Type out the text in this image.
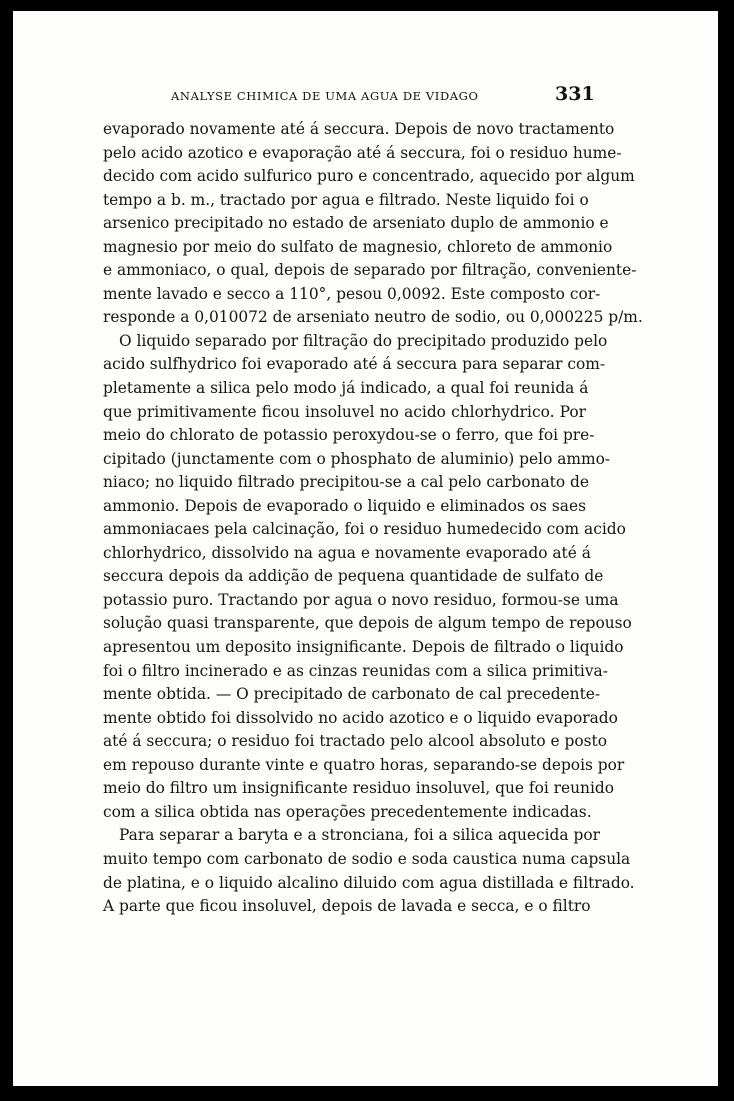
ANALYSE CHIMICA DE UMA AGUA DE VIDAGO	331
evaporado novamente até á seccura. Depois de novo tractamento
pelo acido azotico e evaporação até á seccura, foi o residuo hume-
decido com acido sulfurico puro e concentrado, aquecido por algum
tempo a b. m., tractado por agua e filtrado. Neste liquido foi o
arsenico precipitado no estado de arseniato duplo de ammonio e
magnesio por meio do sulfato de magnesio, chloreto de ammonio
e ammoniaco, o qual, depois de separado por filtração, conveniente-
mente lavado e secco a 110°, pesou 0,0092. Este composto cor-
responde a 0,010072 de arseniato neutro de sodio, ou 0,000225 p/m.
O liquido separado por filtração do precipitado produzido pelo
acido sulfhydrico foi evaporado até á seccura para separar com-
pletamente a silica pelo modo já indicado, a qual foi reunida á
que primitivamente ficou insoluvel no acido chlorhydrico. Por
meio do chlorato de potassio peroxydou-se o ferro, que foi pre-
cipitado (junctamente com o phosphato de aluminio) pelo ammo-
niaco; no liquido filtrado precipitou-se a cal pelo carbonato de
ammonio. Depois de evaporado o liquido e eliminados os saes
ammoniacaes pela calcinação, foi o residuo humedecido com acido
chlorhydrico, dissolvido na agua e novamente evaporado até á
seccura depois da addição de pequena quantidade de sulfato de
potassio puro. Tractando por agua o novo residuo, formou-se uma
solução quasi transparente, que depois de algum tempo de repouso
apresentou um deposito insignificante. Depois de filtrado o liquido
foi o filtro incinerado e as cinzas reunidas com a silica primitiva-
mente obtida. — O precipitado de carbonato de cal precedente-
mente obtido foi dissolvido no acido azotico e o liquido evaporado
até á seccura; o residuo foi tractado pelo alcool absoluto e posto
em repouso durante vinte e quatro horas, separando-se depois por
meio do filtro um insignificante residuo insoluvel, que foi reunido
com a silica obtida nas operações precedentemente indicadas.
Para separar a baryta e a stronciana, foi a silica aquecida por
muito tempo com carbonato de sodio e soda caustica numa capsula
de platina, e o liquido alcalino diluido com agua distillada e filtrado.
A parte que ficou insoluvel, depois de lavada e secca, e o filtro
